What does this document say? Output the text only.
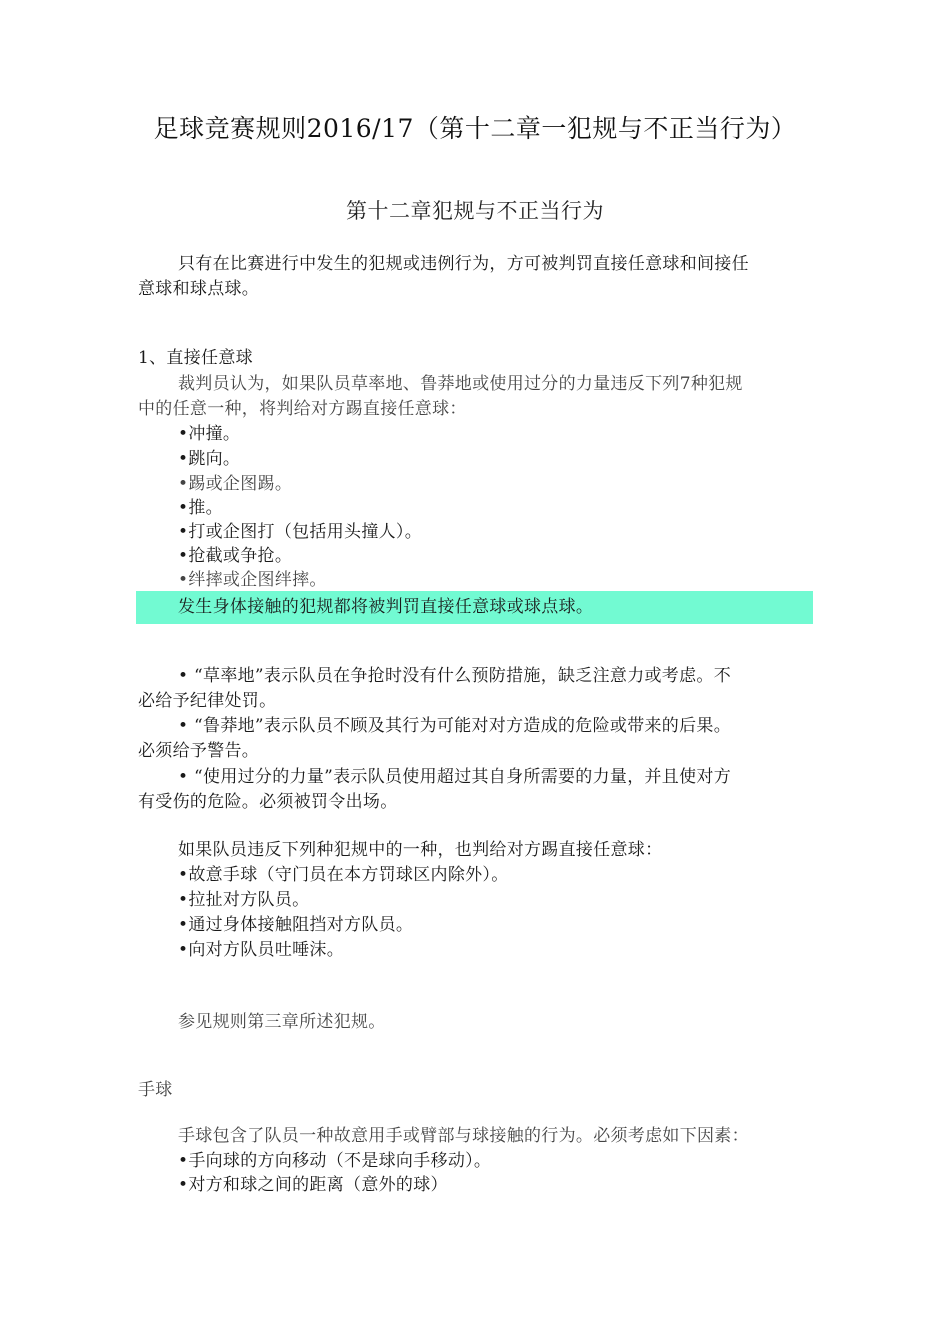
足球竞赛规则2016/17（第十二章一犯规与不正当行为）
第十二章犯规与不正当行为
只有在比赛进行中发生的犯规或违例行为，方可被判罚直接任意球和间接任
意球和球点球。
1、直接任意球
裁判员认为，如果队员草率地、鲁莽地或使用过分的力量违反下列7种犯规
中的任意一种，将判给对方踢直接任意球：
•冲撞。
•跳向。
•踢或企图踢。
•推。
•打或企图打（包括用头撞人）。
•抢截或争抢。
•绊摔或企图绊摔。
发生身体接触的犯规都将被判罚直接任意球或球点球。
• “草率地”表示队员在争抢时没有什么预防措施，缺乏注意力或考虑。不
必给予纪律处罚。
• “鲁莽地”表示队员不顾及其行为可能对对方造成的危险或带来的后果。
必须给予警告。
• “使用过分的力量”表示队员使用超过其自身所需要的力量，并且使对方
有受伤的危险。必须被罚令出场。
如果队员违反下列种犯规中的一种，也判给对方踢直接任意球：
•故意手球（守门员在本方罚球区内除外）。
•拉扯对方队员。
•通过身体接触阻挡对方队员。
•向对方队员吐唾沫。
参见规则第三章所述犯规。
手球
手球包含了队员一种故意用手或臂部与球接触的行为。必须考虑如下因素：
•手向球的方向移动（不是球向手移动）。
•对方和球之间的距离（意外的球）
